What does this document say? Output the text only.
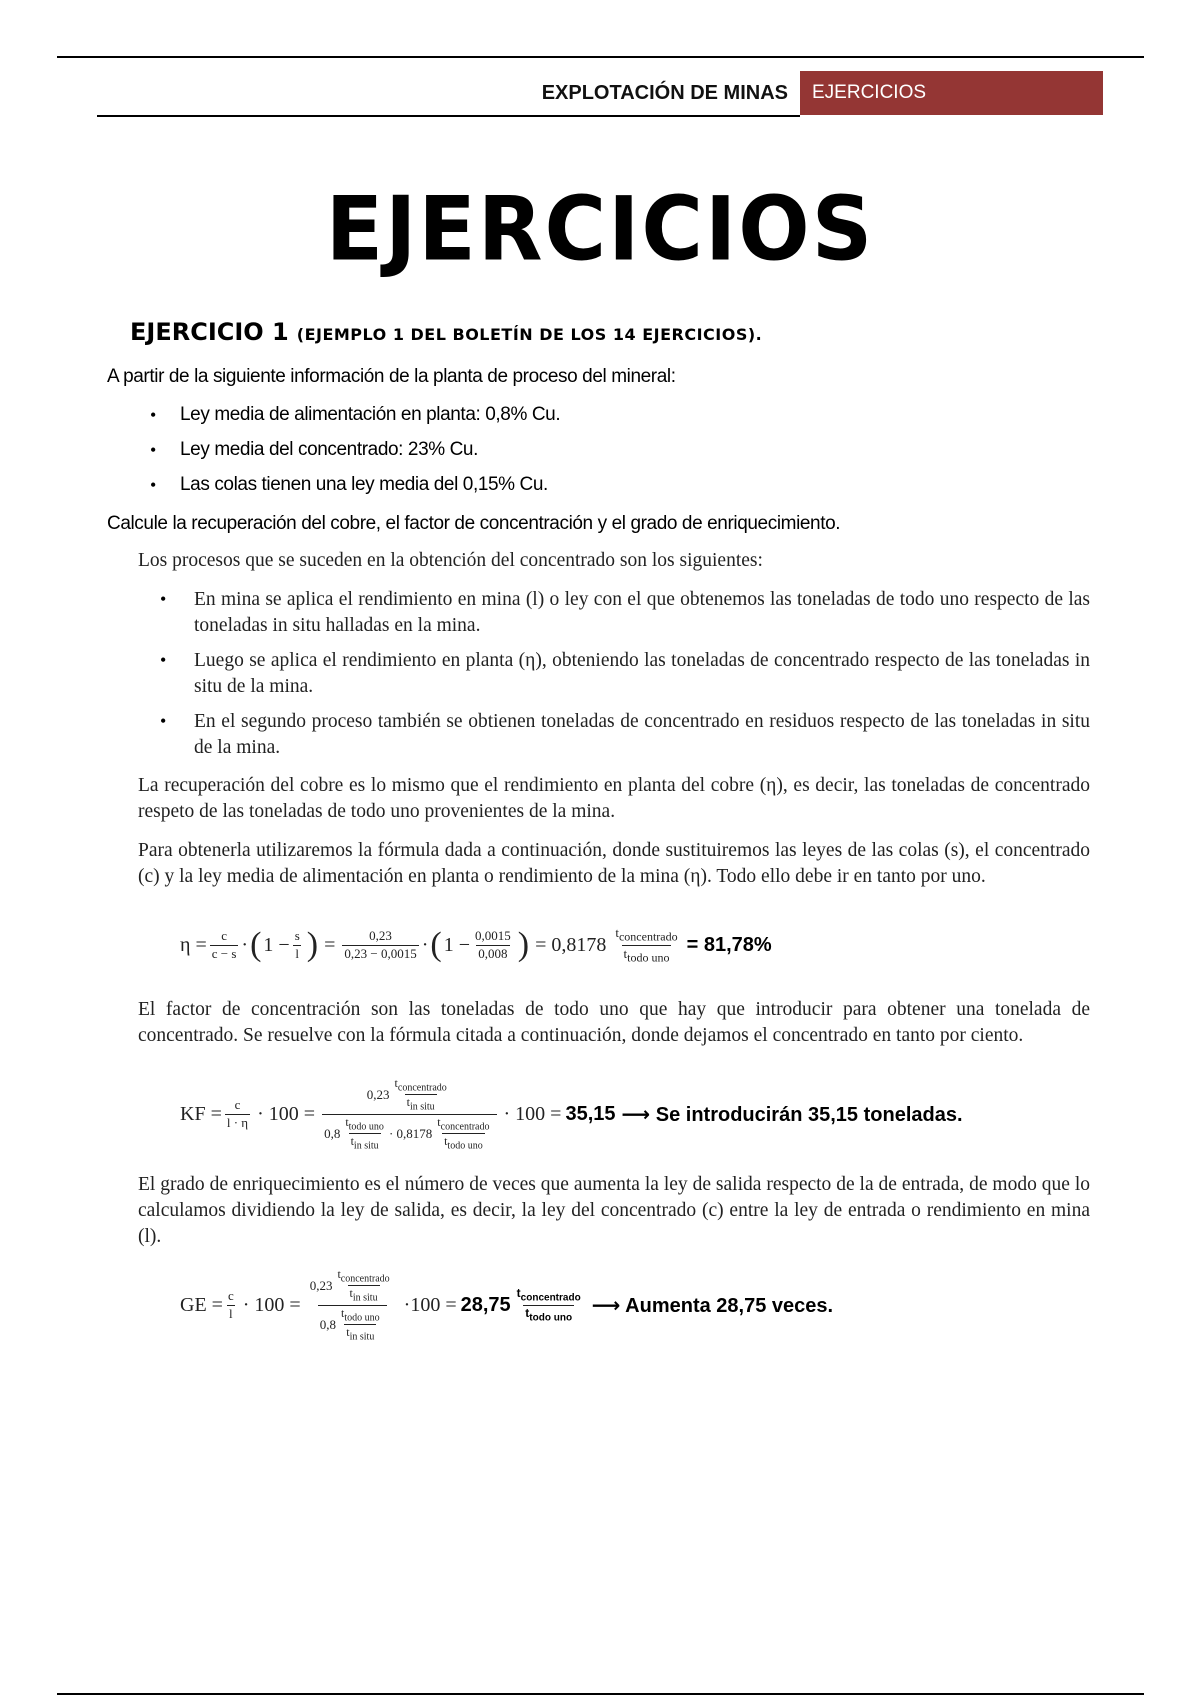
EXPLOTACIÓN DE MINAS	EJERCICIOS
EJERCICIOS
EJERCICIO 1 (EJEMPLO 1 DEL BOLETÍN DE LOS 14 EJERCICIOS).
A partir de la siguiente información de la planta de proceso del mineral:
• Ley media de alimentación en planta: 0,8% Cu.
• Ley media del concentrado: 23% Cu.
• Las colas tienen una ley media del 0,15% Cu.
Calcule la recuperación del cobre, el factor de concentración y el grado de enriquecimiento.
Los procesos que se suceden en la obtención del concentrado son los siguientes:
• En mina se aplica el rendimiento en mina (l) o ley con el que obtenemos las toneladas de todo uno respecto de las toneladas in situ halladas en la mina.
• Luego se aplica el rendimiento en planta (η), obteniendo las toneladas de concentrado respecto de las toneladas in situ de la mina.
• En el segundo proceso también se obtienen toneladas de concentrado en residuos respecto de las toneladas in situ de la mina.
La recuperación del cobre es lo mismo que el rendimiento en planta del cobre (η), es decir, las toneladas de concentrado respeto de las toneladas de todo uno provenientes de la mina.
Para obtenerla utilizaremos la fórmula dada a continuación, donde sustituiremos las leyes de las colas (s), el concentrado (c) y la ley media de alimentación en planta o rendimiento de la mina (η). Todo ello debe ir en tanto por uno.
$\eta = \frac{c}{c - s}$ · ( $1 - \frac{s}{l}$ ) = $\frac{0,23}{0,23 - 0,0015}$ · ( $1 - \frac{0,0015}{0,008}$ ) = $0,8178 \frac{t_{concentrado}}{t_{todo uno}} = 81,78\%$
El factor de concentración son las toneladas de todo uno que hay que introducir para obtener una tonelada de concentrado. Se resuelve con la fórmula citada a continuación, donde dejamos el concentrado en tanto por ciento.
KF = $\frac{c}{l \cdot \eta} \cdot 100$ =
$0,23 \frac{t_{concentrado}}{t_{in situ}}$
$0,8 \frac{t_{todo uno}}{t_{in situ}} \cdot 0,8178 \frac{t_{concentrado}}{t_{todo uno}}$
· 100 = 35,15 ⟶ Se introducirán 35,15 toneladas.
El grado de enriquecimiento es el número de veces que aumenta la ley de salida respecto de la de entrada, de modo que lo calculamos dividiendo la ley de salida, es decir, la ley del concentrado (c) entre la ley de entrada o rendimiento en mina (l).
GE = $\frac{c}{l} \cdot 100 = \frac{0,23 \frac{t_{concentrado}}{t_{in situ}}}{0,8 \frac{t_{todo uno}}{t_{in situ}}} \cdot 100 = 28,75 \frac{t_{concentrado}}{t_{todo uno}}$ ⟶ Aumenta 28,75 veces.
